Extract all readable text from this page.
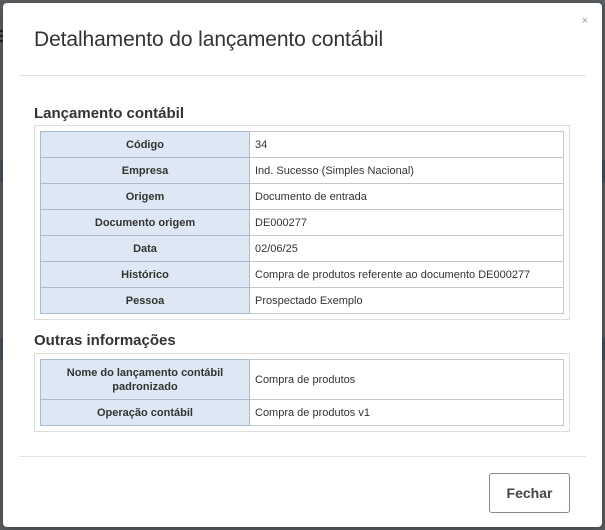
Detalhamento do lançamento contábil
×
Lançamento contábil
Código	34
Empresa	Ind. Sucesso (Simples Nacional)
Origem	Documento de entrada
Documento origem	DE000277
Data	02/06/25
Histórico	Compra de produtos referente ao documento DE000277
Pessoa	Prospectado Exemplo
Outras informações
Nome do lançamento contábil padronizado	Compra de produtos
Operação contábil	Compra de produtos v1
Fechar
